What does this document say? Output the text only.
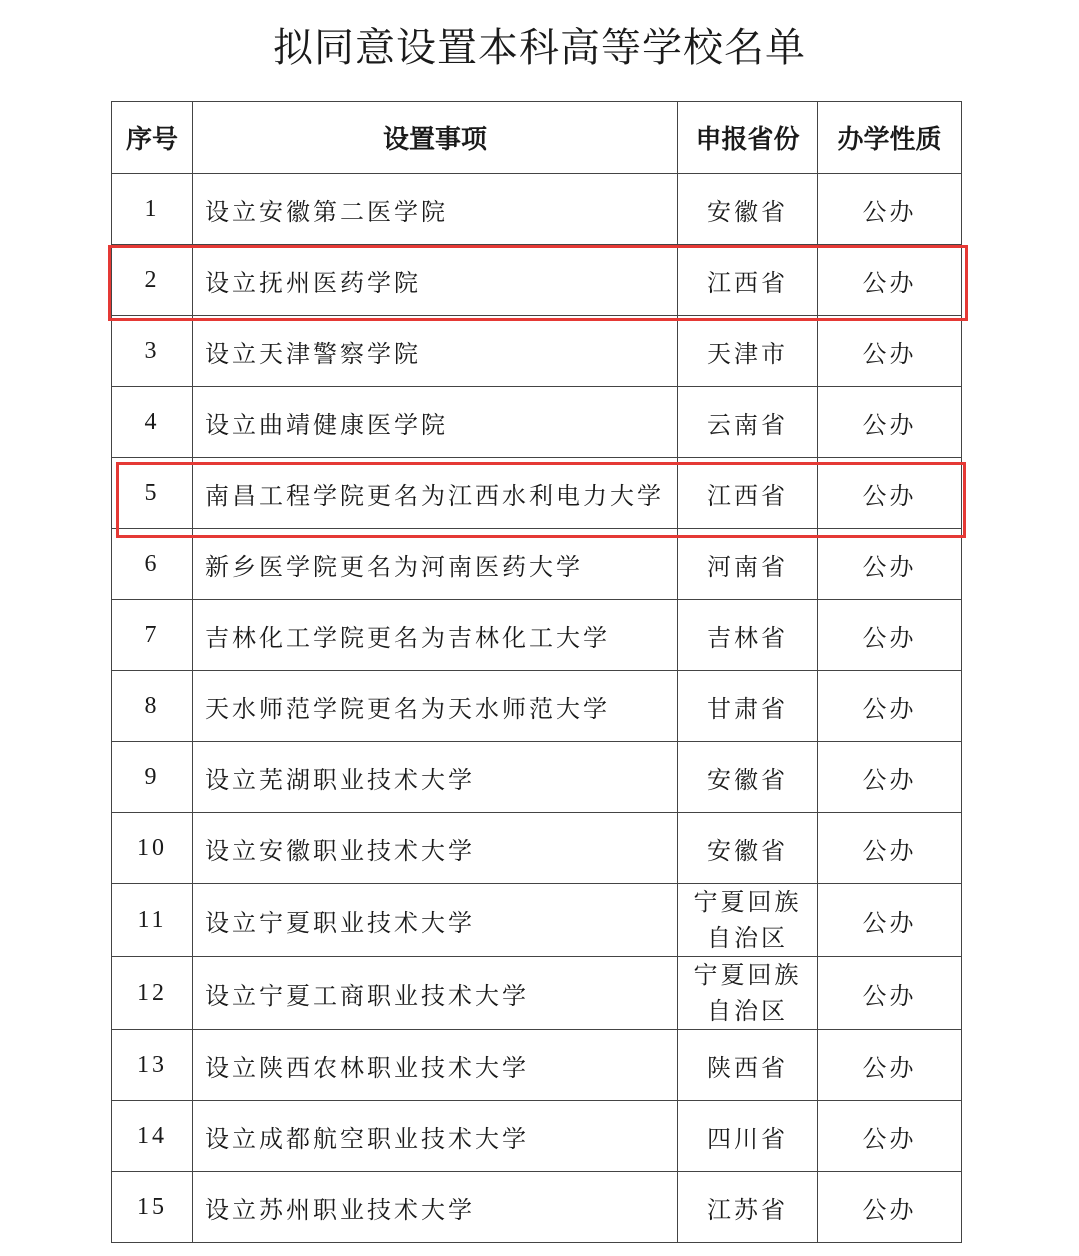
拟同意设置本科高等学校名单
序号	设置事项	申报省份	办学性质
1	设立安徽第二医学院	安徽省	公办
2	设立抚州医药学院	江西省	公办
3	设立天津警察学院	天津市	公办
4	设立曲靖健康医学院	云南省	公办
5	南昌工程学院更名为江西水利电力大学	江西省	公办
6	新乡医学院更名为河南医药大学	河南省	公办
7	吉林化工学院更名为吉林化工大学	吉林省	公办
8	天水师范学院更名为天水师范大学	甘肃省	公办
9	设立芜湖职业技术大学	安徽省	公办
10	设立安徽职业技术大学	安徽省	公办
11	设立宁夏职业技术大学	宁夏回族自治区	公办
12	设立宁夏工商职业技术大学	宁夏回族自治区	公办
13	设立陕西农林职业技术大学	陕西省	公办
14	设立成都航空职业技术大学	四川省	公办
15	设立苏州职业技术大学	江苏省	公办
